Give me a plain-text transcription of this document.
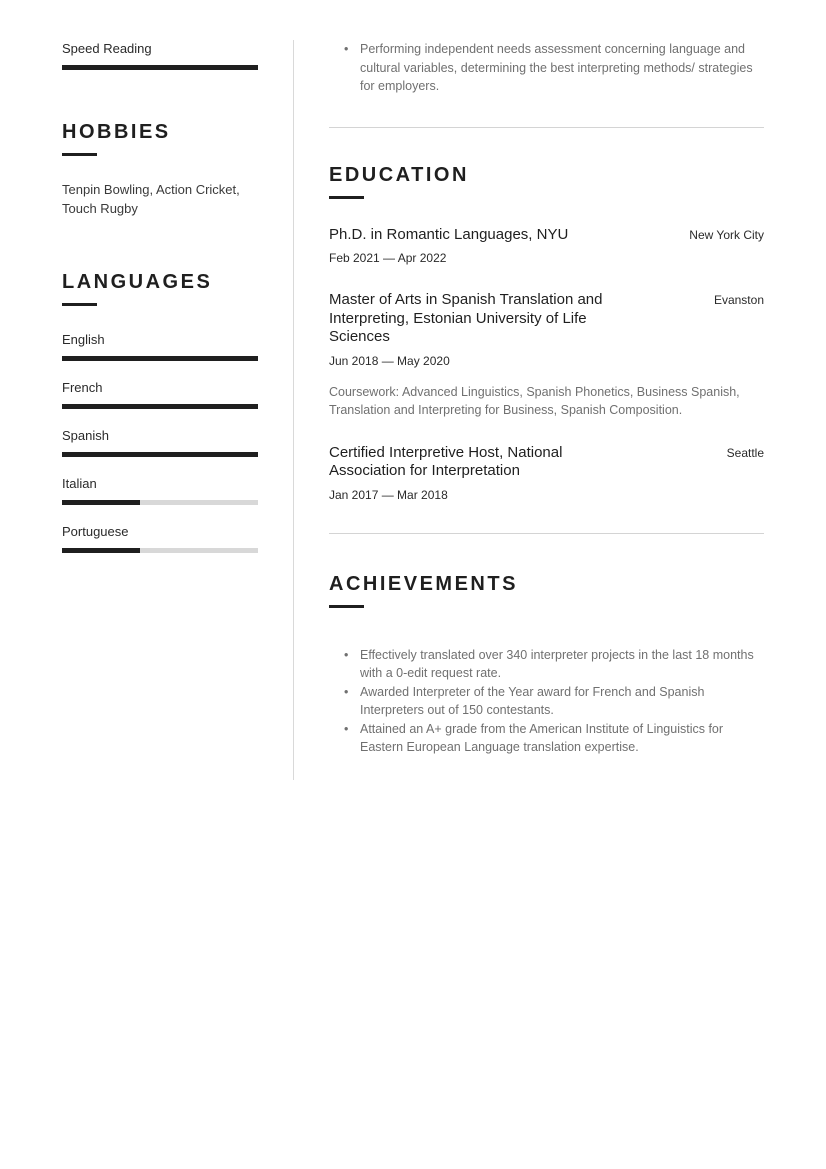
Speed Reading
HOBBIES
Tenpin Bowling, Action Cricket, Touch Rugby
LANGUAGES
English
French
Spanish
Italian
Portuguese
• Performing independent needs assessment concerning language and cultural variables, determining the best interpreting methods/ strategies for employers.
EDUCATION
Ph.D. in Romantic Languages, NYU	New York City
Feb 2021 — Apr 2022
Master of Arts in Spanish Translation and Interpreting, Estonian University of Life Sciences
Evanston
Jun 2018 — May 2020
Coursework: Advanced Linguistics, Spanish Phonetics, Business Spanish, Translation and Interpreting for Business, Spanish Composition.
Certified Interpretive Host, National Association for Interpretation
Seattle
Jan 2017 — Mar 2018
ACHIEVEMENTS
• Effectively translated over 340 interpreter projects in the last 18 months with a 0-edit request rate.
• Awarded Interpreter of the Year award for French and Spanish Interpreters out of 150 contestants.
• Attained an A+ grade from the American Institute of Linguistics for Eastern European Language translation expertise.
